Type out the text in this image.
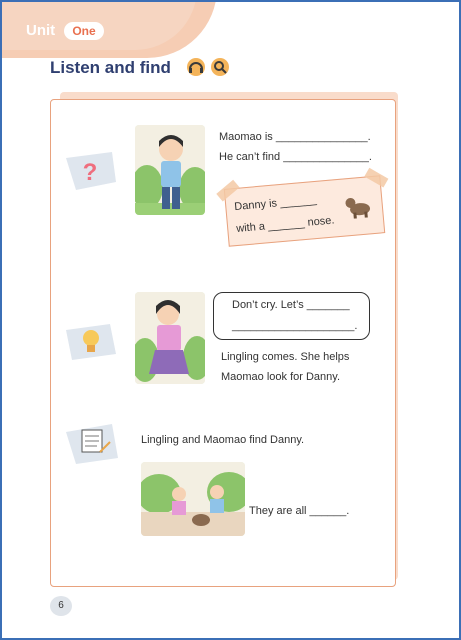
Unit	One
Listen and find
?
Maomao is _______________.
He can’t find ______________.
Danny is ______
with a ______ nose.
Don’t cry. Let’s _______
____________________.
Lingling comes. She helps
Maomao look for Danny.
Lingling and Maomao find Danny.
They are all ______.
6
